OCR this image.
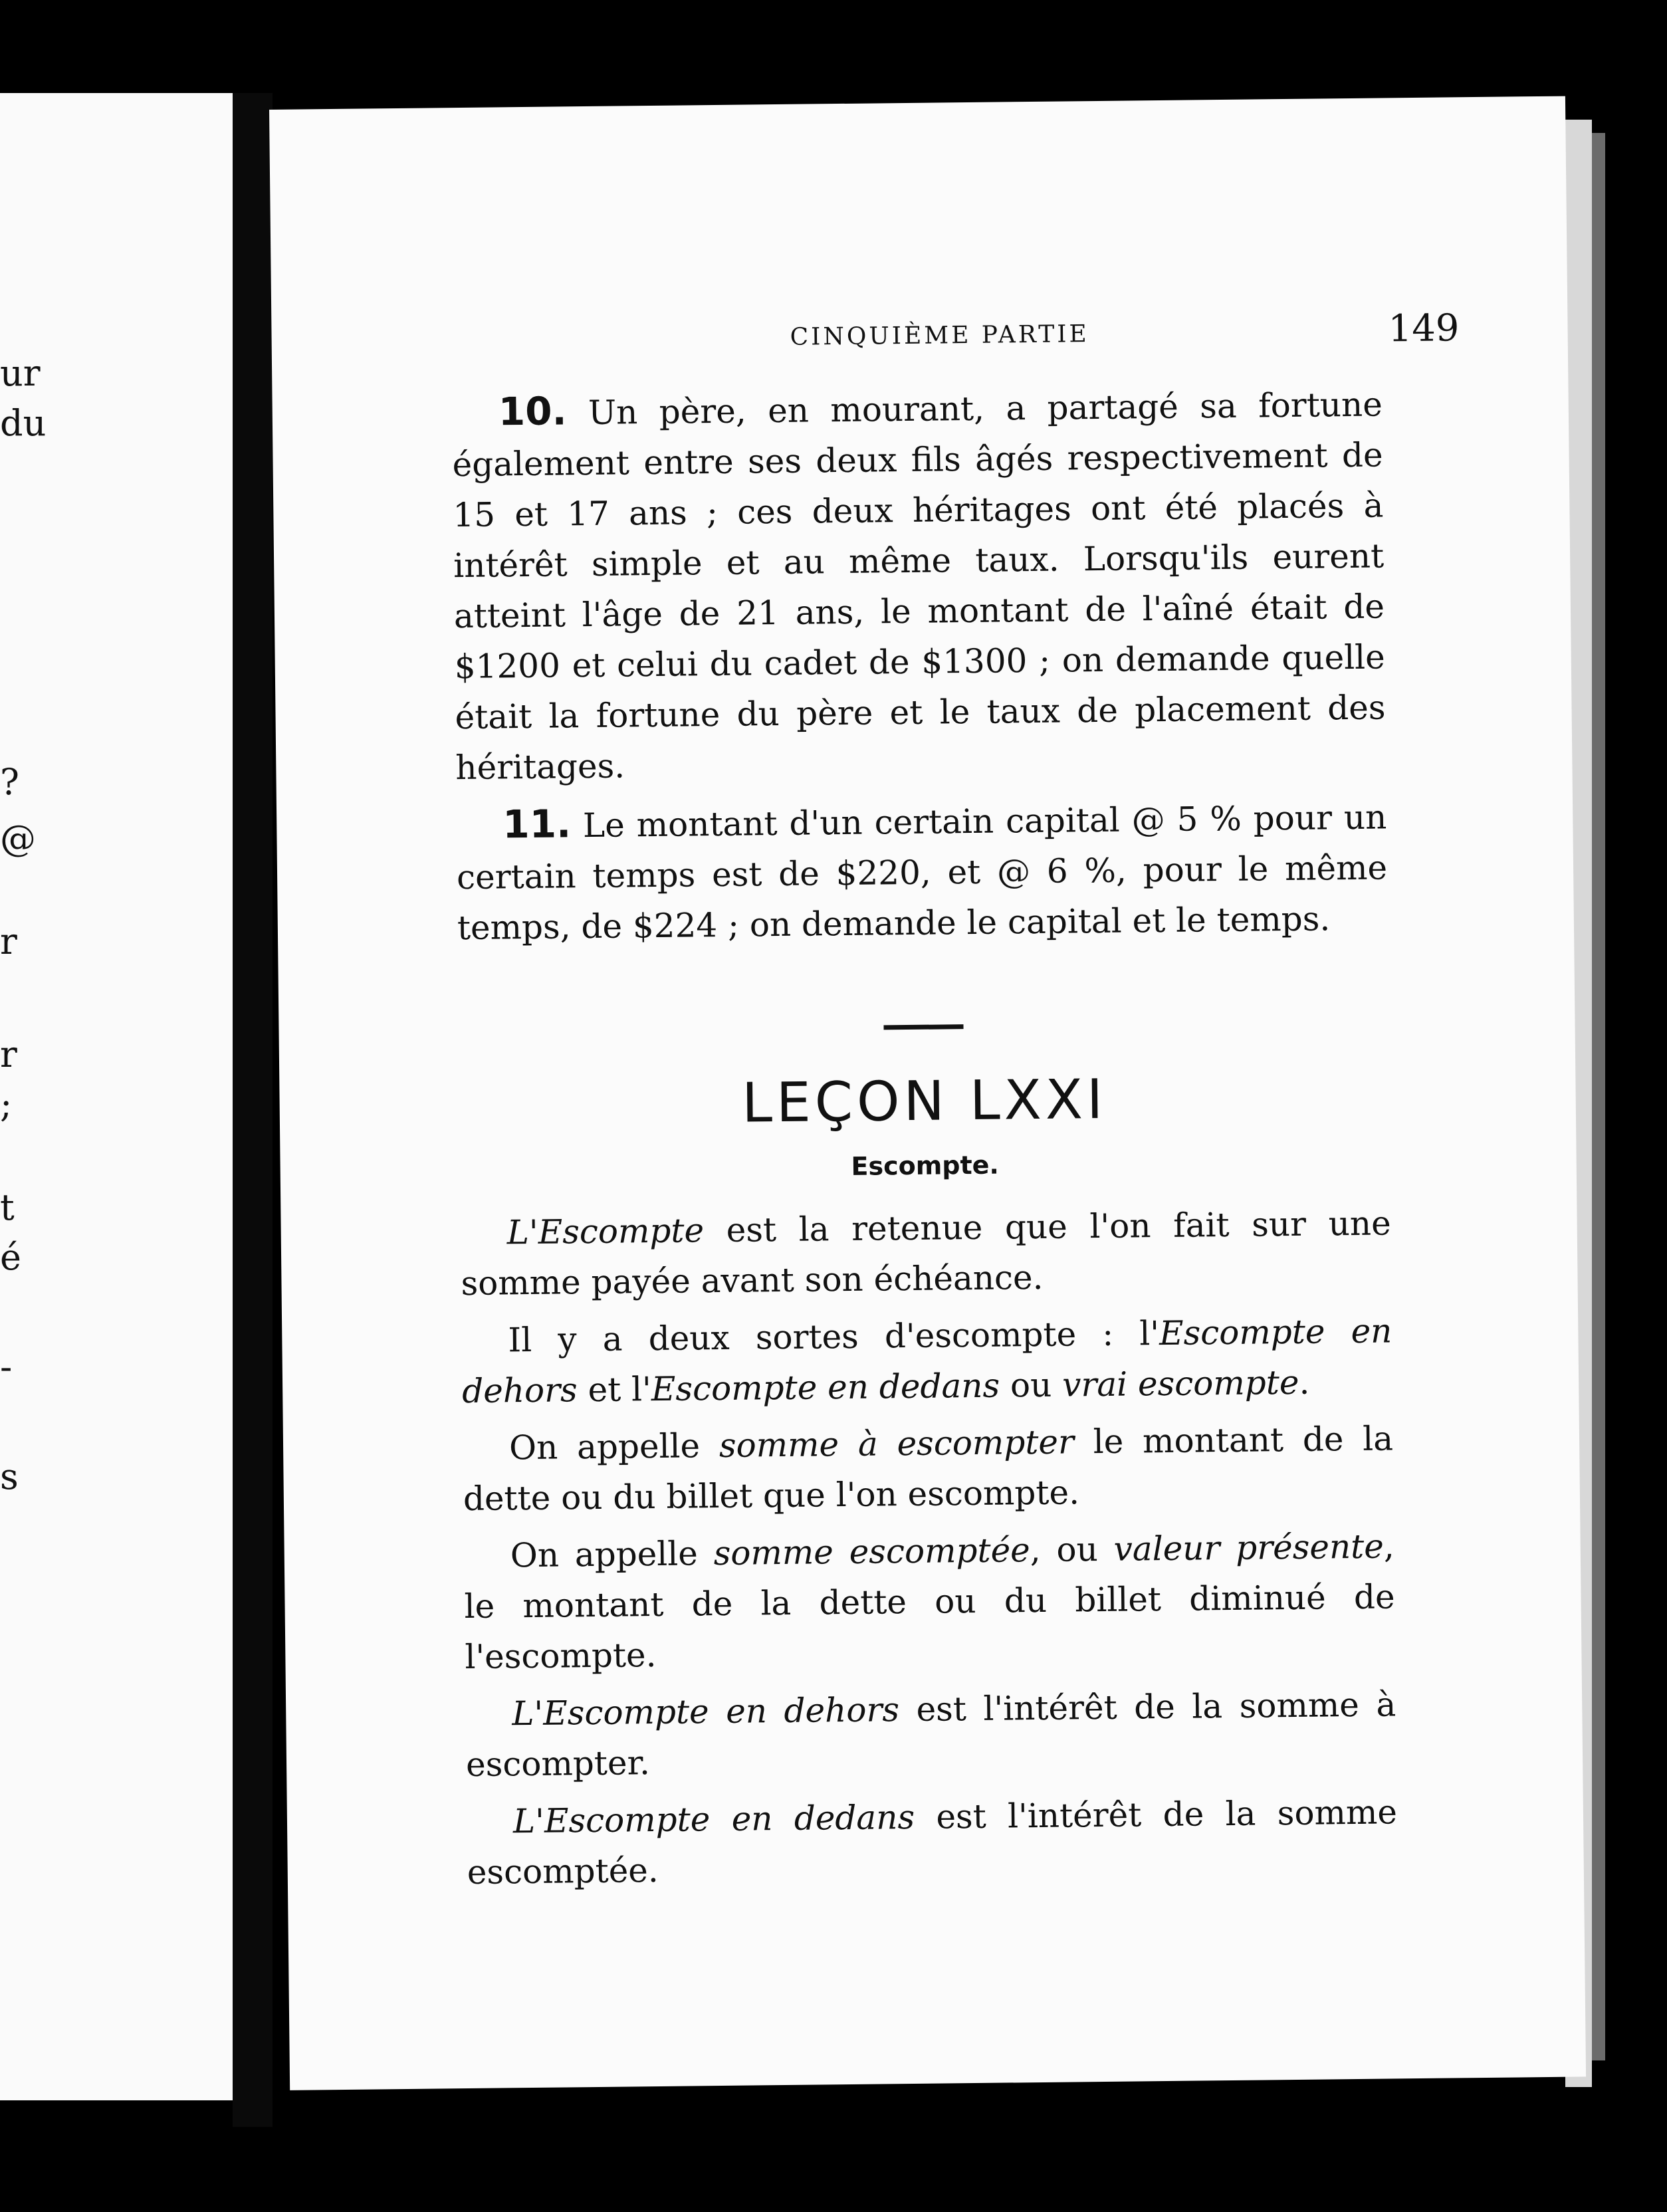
ur
du
?
@
r
r
;
t
é
-
s
CINQUIÈME PARTIE	149

10. Un père, en mourant, a partagé sa fortune également entre ses deux fils âgés respectivement de 15 et 17 ans ; ces deux héritages ont été placés à intérêt simple et au même taux. Lorsqu'ils eurent atteint l'âge de 21 ans, le montant de l'aîné était de $1200 et celui du cadet de $1300 ; on demande quelle était la fortune du père et le taux de placement des héritages.

11. Le montant d'un certain capital @ 5 % pour un certain temps est de $220, et @ 6 %, pour le même temps, de $224 ; on demande le capital et le temps.

LEÇON LXXI
Escompte.

L'Escompte est la retenue que l'on fait sur une somme payée avant son échéance.

Il y a deux sortes d'escompte : l'Escompte en dehors et l'Escompte en dedans ou vrai escompte.

On appelle somme à escompter le montant de la dette ou du billet que l'on escompte.

On appelle somme escomptée, ou valeur présente, le montant de la dette ou du billet diminué de l'escompte.

L'Escompte en dehors est l'intérêt de la somme à escompter.

L'Escompte en dedans est l'intérêt de la somme escomptée.
